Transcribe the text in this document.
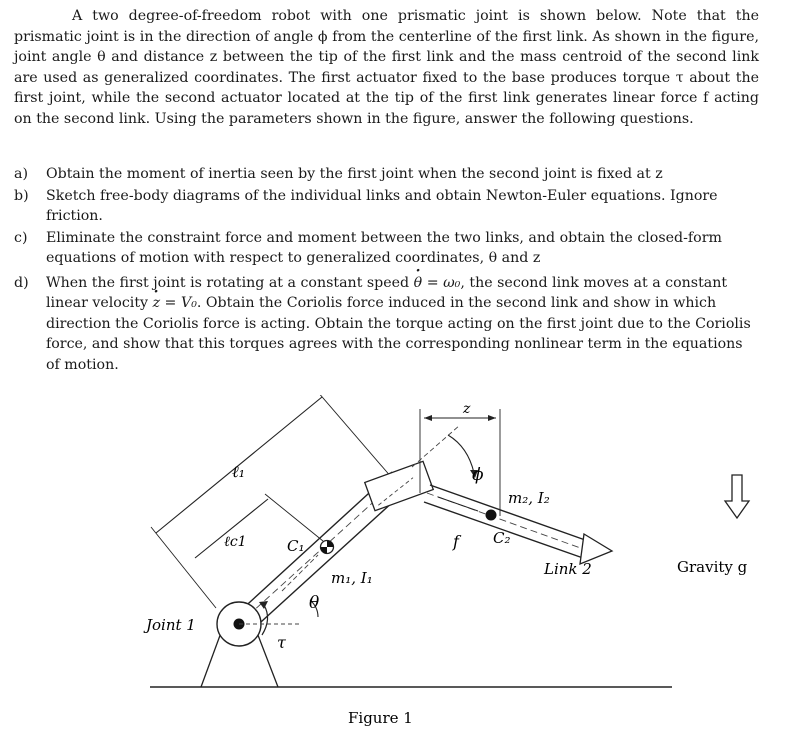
A two degree-of-freedom robot with one prismatic joint is shown below. Note that the prismatic joint is in the direction of angle ϕ from the centerline of the first link. As shown in the figure, joint angle θ and distance z between the tip of the first link and the mass centroid of the second link are used as generalized coordinates. The first actuator fixed to the base produces torque τ about the first joint, while the second actuator located at the tip of the first link generates linear force f acting on the second link. Using the parameters shown in the figure, answer the following questions.

a) Obtain the moment of inertia seen by the first joint when the second joint is fixed at z
b) Sketch free-body diagrams of the individual links and obtain Newton-Euler equations. Ignore friction.
c) Eliminate the constraint force and moment between the two links, and obtain the closed-form equations of motion with respect to generalized coordinates, θ and z
d) When the first joint is rotating at a constant speed · θ = ω₀, the second link moves at a constant linear velocity · z = V₀. Obtain the Coriolis force induced in the second link and show in which direction the Coriolis force is acting. Obtain the torque acting on the first joint due to the Coriolis force, and show that this torques agrees with the corresponding nonlinear term in the equations of motion.
ℓ₁
ℓc1	C₁
m₁, I₁
θ
τ
Joint 1
z
ϕ
m₂, I₂
C₂
f
Link 2	Gravity g
Figure 1
